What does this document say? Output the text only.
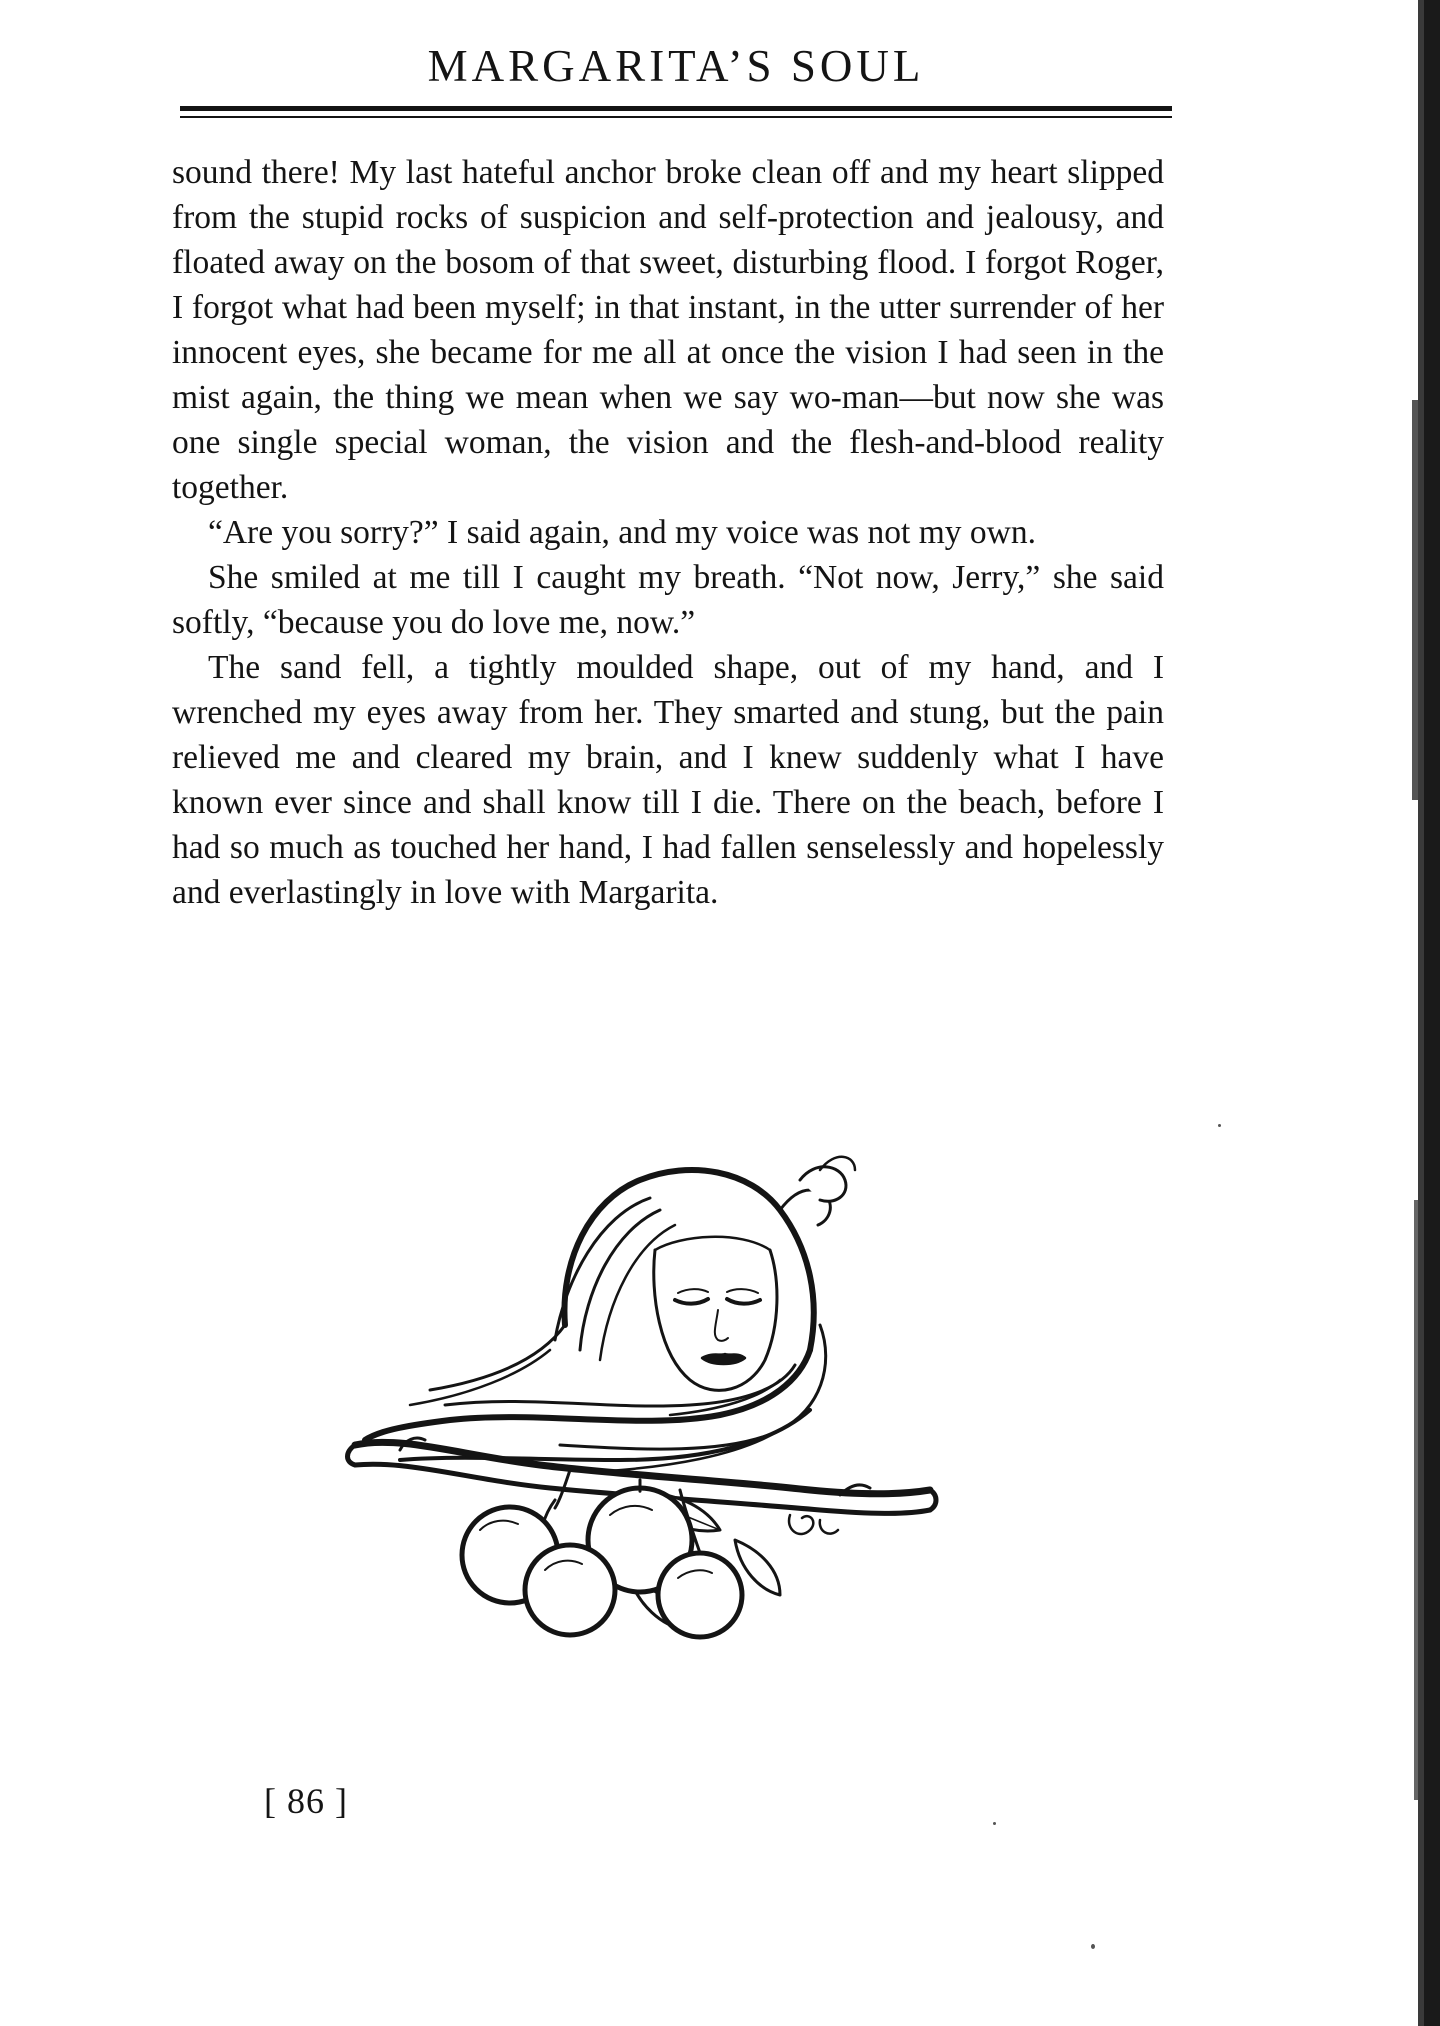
MARGARITA’S SOUL

sound there! My last hateful anchor broke clean off and my heart slipped from the stupid rocks of suspicion and self-protection and jealousy, and floated away on the bosom of that sweet, disturbing flood. I forgot Roger, I forgot what had been myself; in that instant, in the utter surrender of her innocent eyes, she became for me all at once the vision I had seen in the mist again, the thing we mean when we say wo-man—but now she was one single special woman, the vision and the flesh-and-blood reality together.

“Are you sorry?” I said again, and my voice was not my own.

She smiled at me till I caught my breath. “Not now, Jerry,” she said softly, “because you do love me, now.”

The sand fell, a tightly moulded shape, out of my hand, and I wrenched my eyes away from her. They smarted and stung, but the pain relieved me and cleared my brain, and I knew suddenly what I have known ever since and shall know till I die. There on the beach, before I had so much as touched her hand, I had fallen senselessly and hopelessly and everlastingly in love with Margarita.

[ 86 ]
